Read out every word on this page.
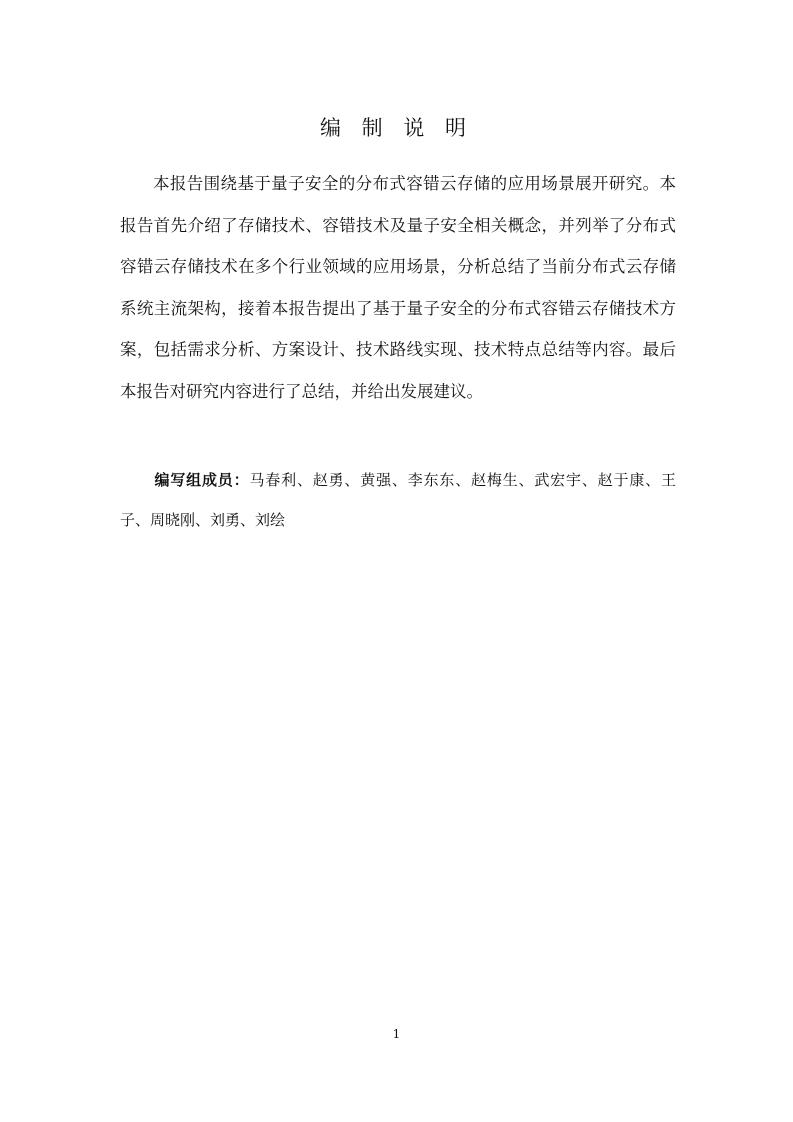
编 制 说 明

本报告围绕基于量子安全的分布式容错云存储的应用场景展开研究。本报告首先介绍了存储技术、容错技术及量子安全相关概念，并列举了分布式容错云存储技术在多个行业领域的应用场景，分析总结了当前分布式云存储系统主流架构，接着本报告提出了基于量子安全的分布式容错云存储技术方案，包括需求分析、方案设计、技术路线实现、技术特点总结等内容。最后本报告对研究内容进行了总结，并给出发展建议。

编写组成员：马春利、赵勇、黄强、李东东、赵梅生、武宏宇、赵于康、王子、周晓刚、刘勇、刘绘

1
